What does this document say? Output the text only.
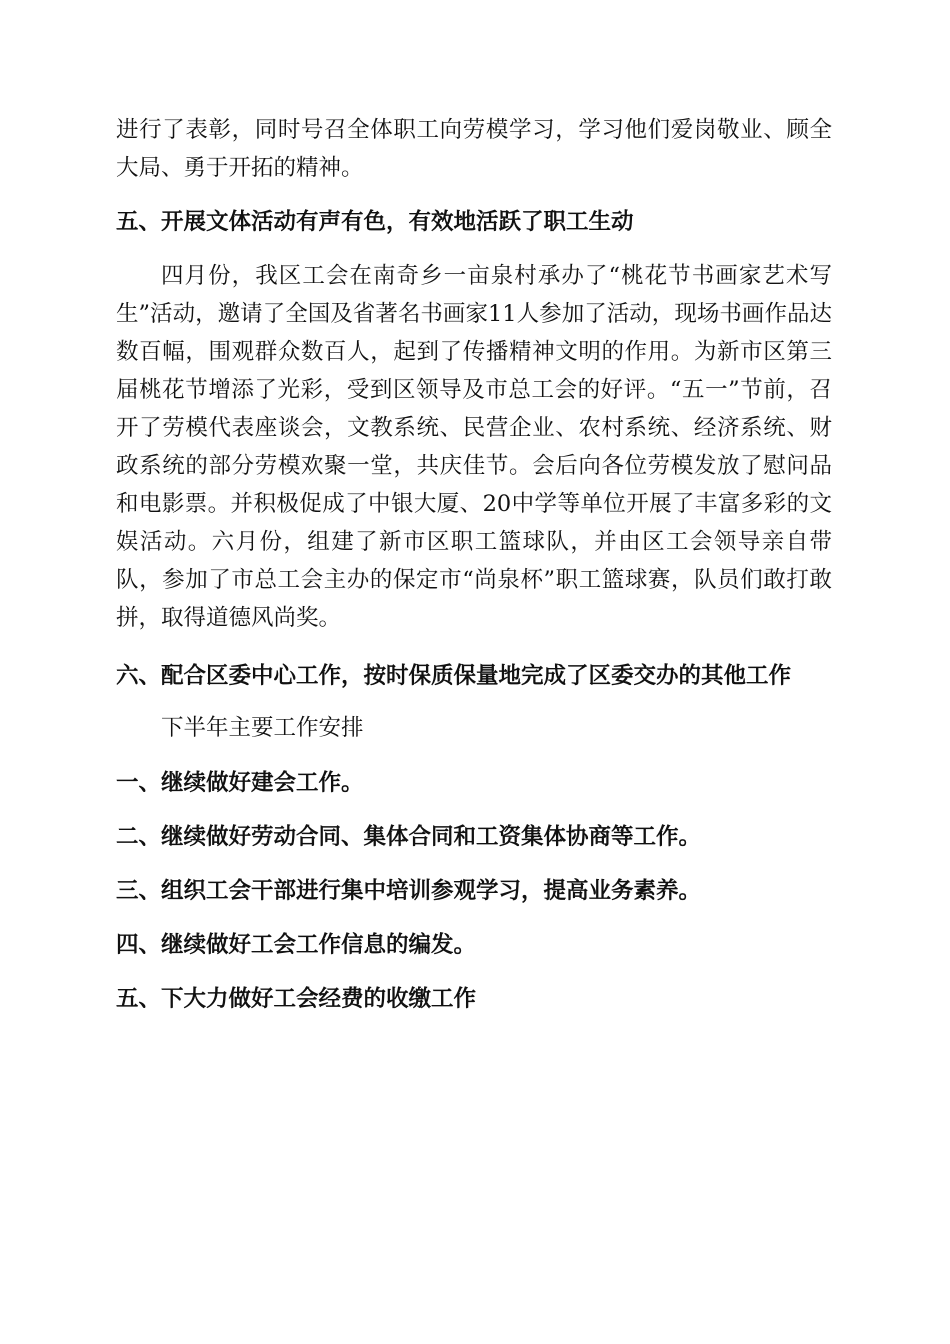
进行了表彰，同时号召全体职工向劳模学习，学习他们爱岗敬业、顾全大局、勇于开拓的精神。

五、开展文体活动有声有色，有效地活跃了职工生动

四月份，我区工会在南奇乡一亩泉村承办了“桃花节书画家艺术写生”活动，邀请了全国及省著名书画家11人参加了活动，现场书画作品达数百幅，围观群众数百人，起到了传播精神文明的作用。为新市区第三届桃花节增添了光彩，受到区领导及市总工会的好评。“五一”节前，召开了劳模代表座谈会，文教系统、民营企业、农村系统、经济系统、财政系统的部分劳模欢聚一堂，共庆佳节。会后向各位劳模发放了慰问品和电影票。并积极促成了中银大厦、20中学等单位开展了丰富多彩的文娱活动。六月份，组建了新市区职工篮球队，并由区工会领导亲自带队，参加了市总工会主办的保定市“尚泉杯”职工篮球赛，队员们敢打敢拼，取得道德风尚奖。

六、配合区委中心工作，按时保质保量地完成了区委交办的其他工作

下半年主要工作安排

一、继续做好建会工作。

二、继续做好劳动合同、集体合同和工资集体协商等工作。

三、组织工会干部进行集中培训参观学习，提高业务素养。

四、继续做好工会工作信息的编发。

五、下大力做好工会经费的收缴工作
